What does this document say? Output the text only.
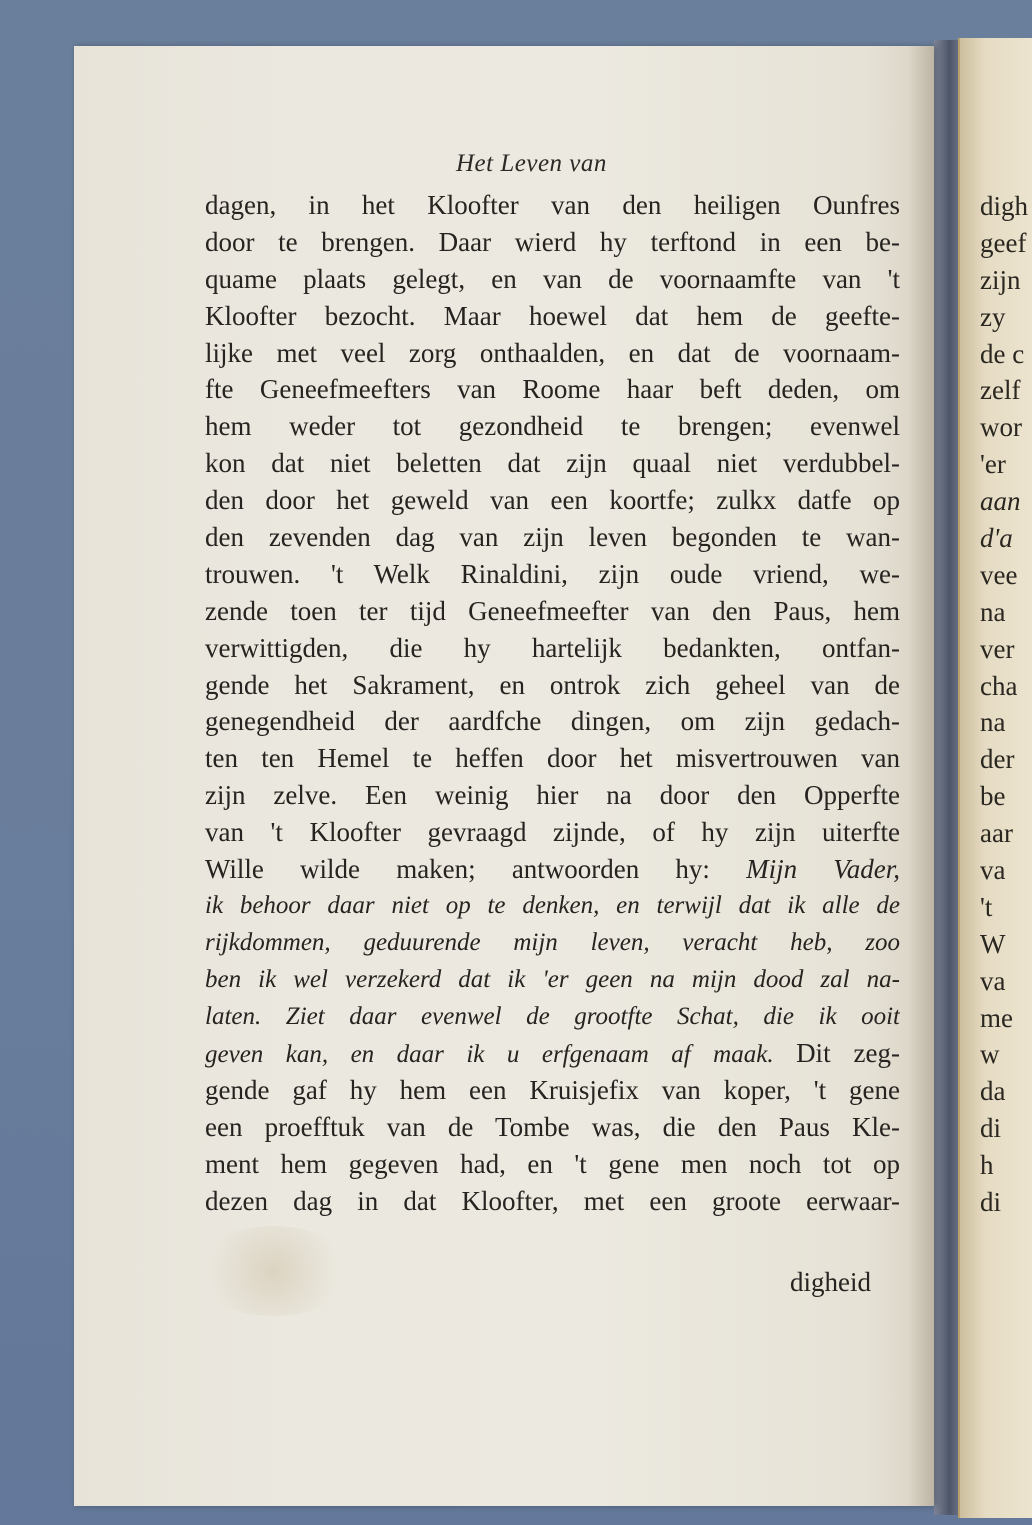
Het Leven van
dagen, in het Kloofter van den heiligen Ounfres
door te brengen. Daar wierd hy terftond in een be-
quame plaats gelegt, en van de voornaamfte van 't
Kloofter bezocht. Maar hoewel dat hem de geefte-
lijke met veel zorg onthaalden, en dat de voornaam-
fte Geneefmeefters van Roome haar beft deden, om
hem weder tot gezondheid te brengen; evenwel
kon dat niet beletten dat zijn quaal niet verdubbel-
den door het geweld van een koortfe; zulkx datfe op
den zevenden dag van zijn leven begonden te wan-
trouwen. 't Welk Rinaldini, zijn oude vriend, we-
zende toen ter tijd Geneefmeefter van den Paus, hem
verwittigden, die hy hartelijk bedankten, ontfan-
gende het Sakrament, en ontrok zich geheel van de
genegendheid der aardfche dingen, om zijn gedach-
ten ten Hemel te heffen door het misvertrouwen van
zijn zelve. Een weinig hier na door den Opperfte
van 't Kloofter gevraagd zijnde, of hy zijn uiterfte
Wille wilde maken; antwoorden hy: Mijn Vader,
ik behoor daar niet op te denken, en terwijl dat ik alle de
rijkdommen, geduurende mijn leven, veracht heb, zoo
ben ik wel verzekerd dat ik 'er geen na mijn dood zal na-
laten. Ziet daar evenwel de grootfte Schat, die ik ooit
geven kan, en daar ik u erfgenaam af maak. Dit zeg-
gende gaf hy hem een Kruisjefix van koper, 't gene
een proefftuk van de Tombe was, die den Paus Kle-
ment hem gegeven had, en 't gene men noch tot op
dezen dag in dat Kloofter, met een groote eerwaar-
digheid
digh
geef
zijn
zy
de c
zelf
wor
'er
aan
d'a
vee
na
ver
cha
na
der
be
aar
va
't
W
va
me
w
da
di
h
di
